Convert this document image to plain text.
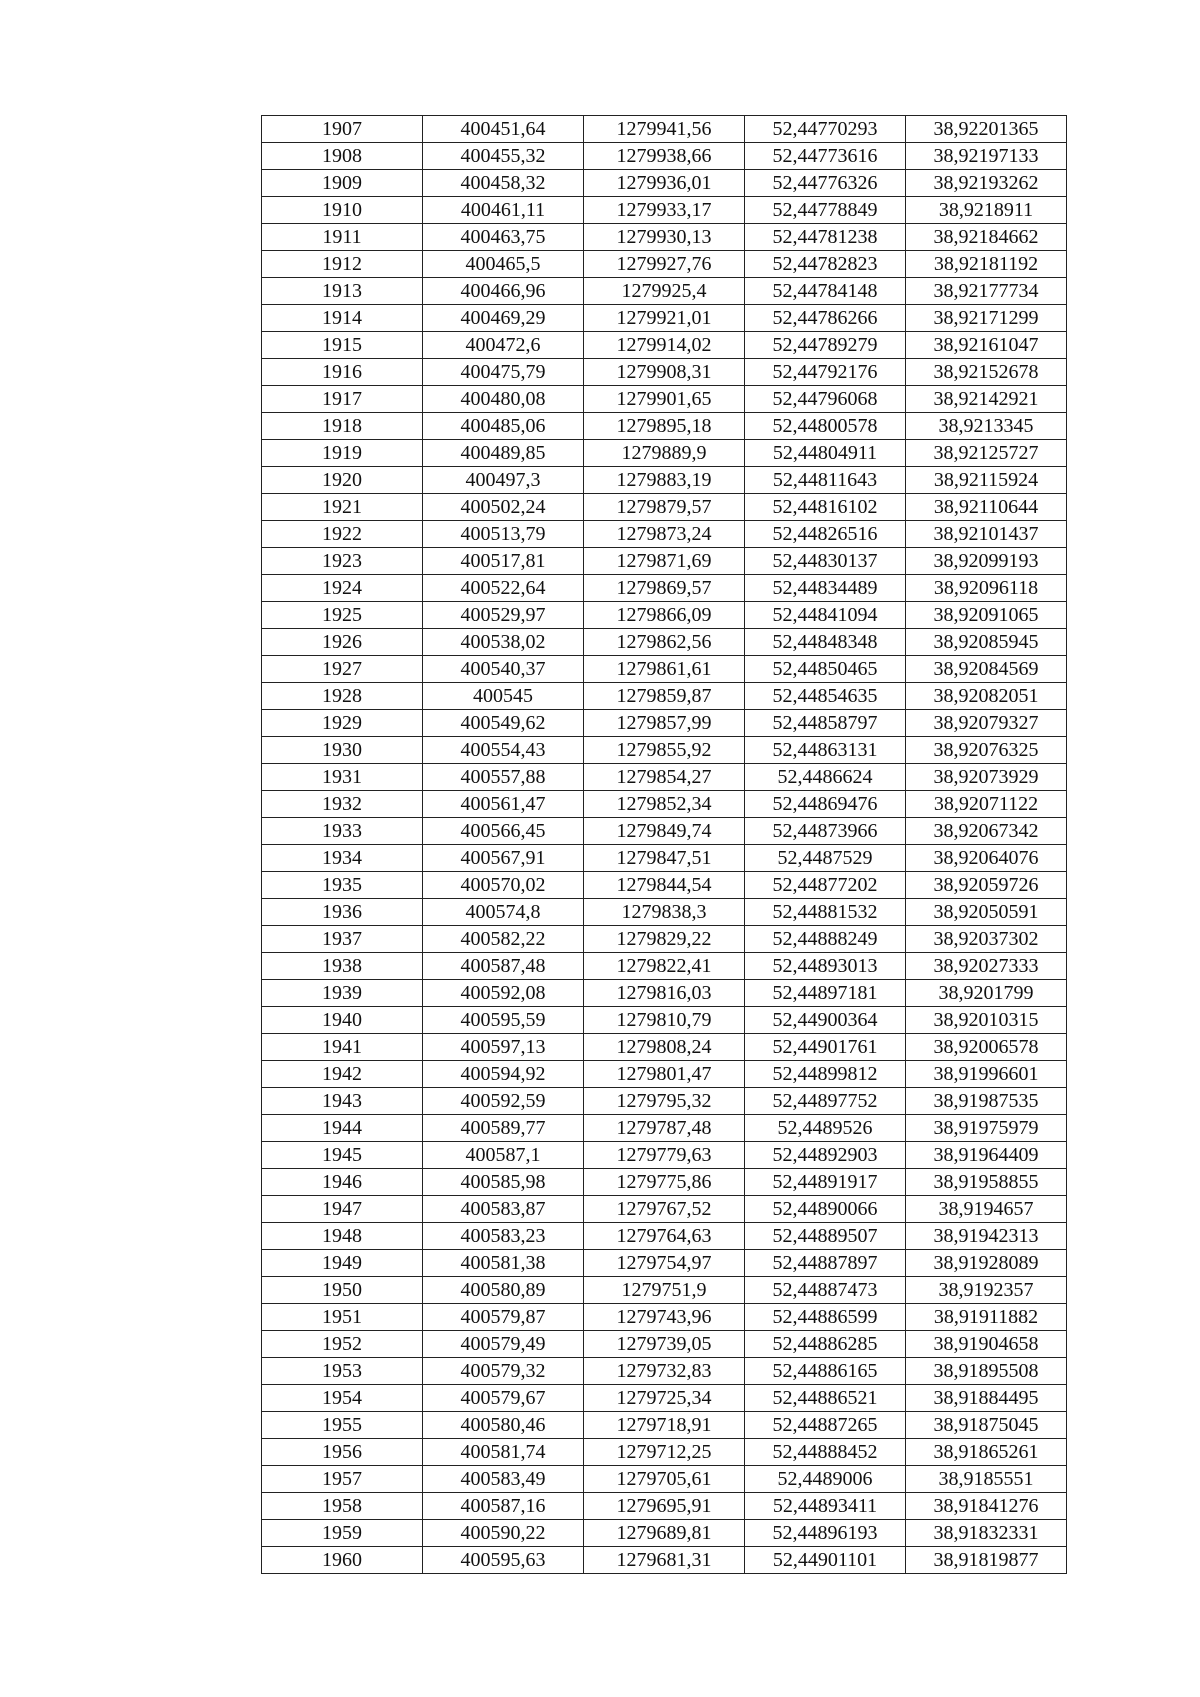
1907	400451,64	1279941,56	52,44770293	38,92201365
1908	400455,32	1279938,66	52,44773616	38,92197133
1909	400458,32	1279936,01	52,44776326	38,92193262
1910	400461,11	1279933,17	52,44778849	38,9218911
1911	400463,75	1279930,13	52,44781238	38,92184662
1912	400465,5	1279927,76	52,44782823	38,92181192
1913	400466,96	1279925,4	52,44784148	38,92177734
1914	400469,29	1279921,01	52,44786266	38,92171299
1915	400472,6	1279914,02	52,44789279	38,92161047
1916	400475,79	1279908,31	52,44792176	38,92152678
1917	400480,08	1279901,65	52,44796068	38,92142921
1918	400485,06	1279895,18	52,44800578	38,9213345
1919	400489,85	1279889,9	52,44804911	38,92125727
1920	400497,3	1279883,19	52,44811643	38,92115924
1921	400502,24	1279879,57	52,44816102	38,92110644
1922	400513,79	1279873,24	52,44826516	38,92101437
1923	400517,81	1279871,69	52,44830137	38,92099193
1924	400522,64	1279869,57	52,44834489	38,92096118
1925	400529,97	1279866,09	52,44841094	38,92091065
1926	400538,02	1279862,56	52,44848348	38,92085945
1927	400540,37	1279861,61	52,44850465	38,92084569
1928	400545	1279859,87	52,44854635	38,92082051
1929	400549,62	1279857,99	52,44858797	38,92079327
1930	400554,43	1279855,92	52,44863131	38,92076325
1931	400557,88	1279854,27	52,4486624	38,92073929
1932	400561,47	1279852,34	52,44869476	38,92071122
1933	400566,45	1279849,74	52,44873966	38,92067342
1934	400567,91	1279847,51	52,4487529	38,92064076
1935	400570,02	1279844,54	52,44877202	38,92059726
1936	400574,8	1279838,3	52,44881532	38,92050591
1937	400582,22	1279829,22	52,44888249	38,92037302
1938	400587,48	1279822,41	52,44893013	38,92027333
1939	400592,08	1279816,03	52,44897181	38,9201799
1940	400595,59	1279810,79	52,44900364	38,92010315
1941	400597,13	1279808,24	52,44901761	38,92006578
1942	400594,92	1279801,47	52,44899812	38,91996601
1943	400592,59	1279795,32	52,44897752	38,91987535
1944	400589,77	1279787,48	52,4489526	38,91975979
1945	400587,1	1279779,63	52,44892903	38,91964409
1946	400585,98	1279775,86	52,44891917	38,91958855
1947	400583,87	1279767,52	52,44890066	38,9194657
1948	400583,23	1279764,63	52,44889507	38,91942313
1949	400581,38	1279754,97	52,44887897	38,91928089
1950	400580,89	1279751,9	52,44887473	38,9192357
1951	400579,87	1279743,96	52,44886599	38,91911882
1952	400579,49	1279739,05	52,44886285	38,91904658
1953	400579,32	1279732,83	52,44886165	38,91895508
1954	400579,67	1279725,34	52,44886521	38,91884495
1955	400580,46	1279718,91	52,44887265	38,91875045
1956	400581,74	1279712,25	52,44888452	38,91865261
1957	400583,49	1279705,61	52,4489006	38,9185551
1958	400587,16	1279695,91	52,44893411	38,91841276
1959	400590,22	1279689,81	52,44896193	38,91832331
1960	400595,63	1279681,31	52,44901101	38,91819877
